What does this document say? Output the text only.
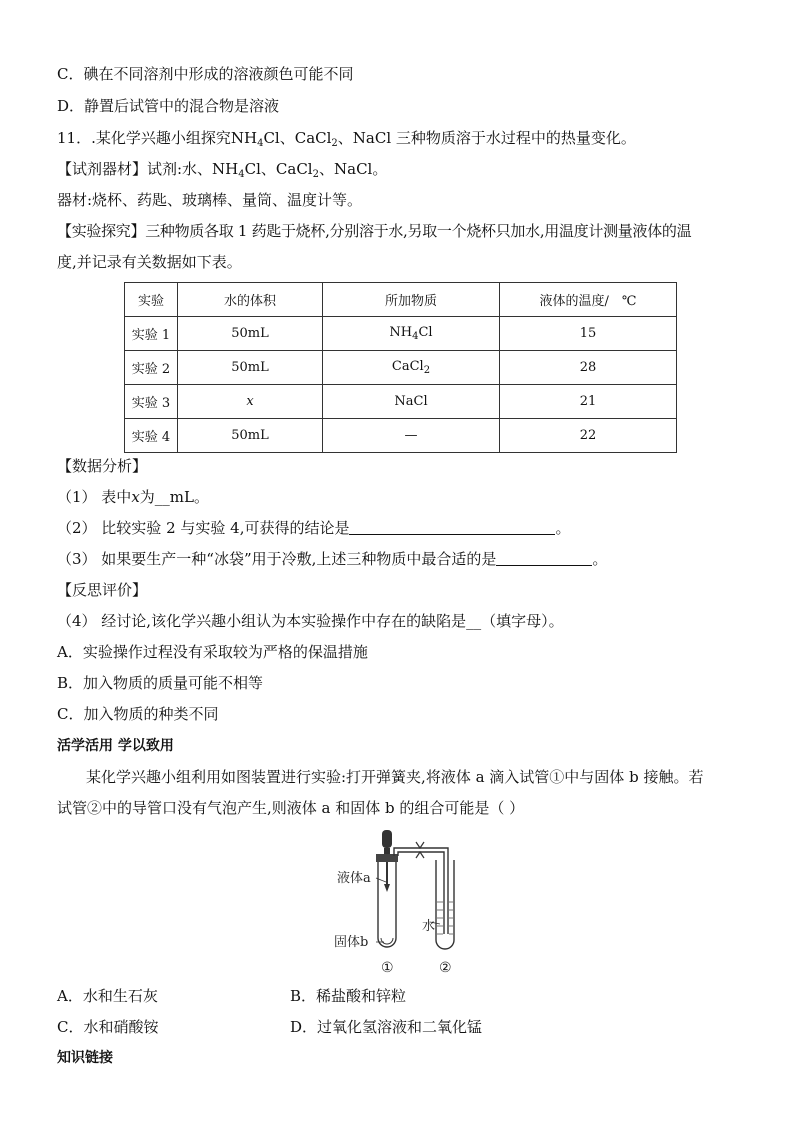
C．碘在不同溶剂中形成的溶液颜色可能不同
D．静置后试管中的混合物是溶液
11．.某化学兴趣小组探究$NH_4Cl$、CaCl$_2$、NaCl 三种物质溶于水过程中的热量变化。
【试剂器材】试剂:水、$NH_4Cl$、CaCl$_2$、NaCl。
器材:烧杯、药匙、玻璃棒、量筒、温度计等。
【实验探究】三种物质各取 1 药匙于烧杯,分别溶于水,另取一个烧杯只加水,用温度计测量液体的温
度,并记录有关数据如下表。
实验	水的体积	所加物质	液体的温度/　℃
实验 1	50mL	$NH_4Cl$	15
实验 2	50mL	CaCl$_2$	28
实验 3	x	NaCl	21
实验 4	50mL	—	22
【数据分析】
（1） 表中x为__mL。
（2） 比较实验 2 与实验 4,可获得的结论是	。
（3） 如果要生产一种“冰袋”用于冷敷,上述三种物质中最合适的是	。
【反思评价】
（4） 经讨论,该化学兴趣小组认为本实验操作中存在的缺陷是__（填字母）。
A．实验操作过程没有采取较为严格的保温措施
B．加入物质的质量可能不相等
C．加入物质的种类不同
活学活用 学以致用
某化学兴趣小组利用如图装置进行实验:打开弹簧夹,将液体 a 滴入试管①中与固体 b 接触。若
试管②中的导管口没有气泡产生,则液体 a 和固体 b 的组合可能是（ ）
液体a
固体b
水
①	②
A．水和生石灰	B．稀盐酸和锌粒
C．水和硝酸铵	D．过氧化氢溶液和二氧化锰
知识链接
